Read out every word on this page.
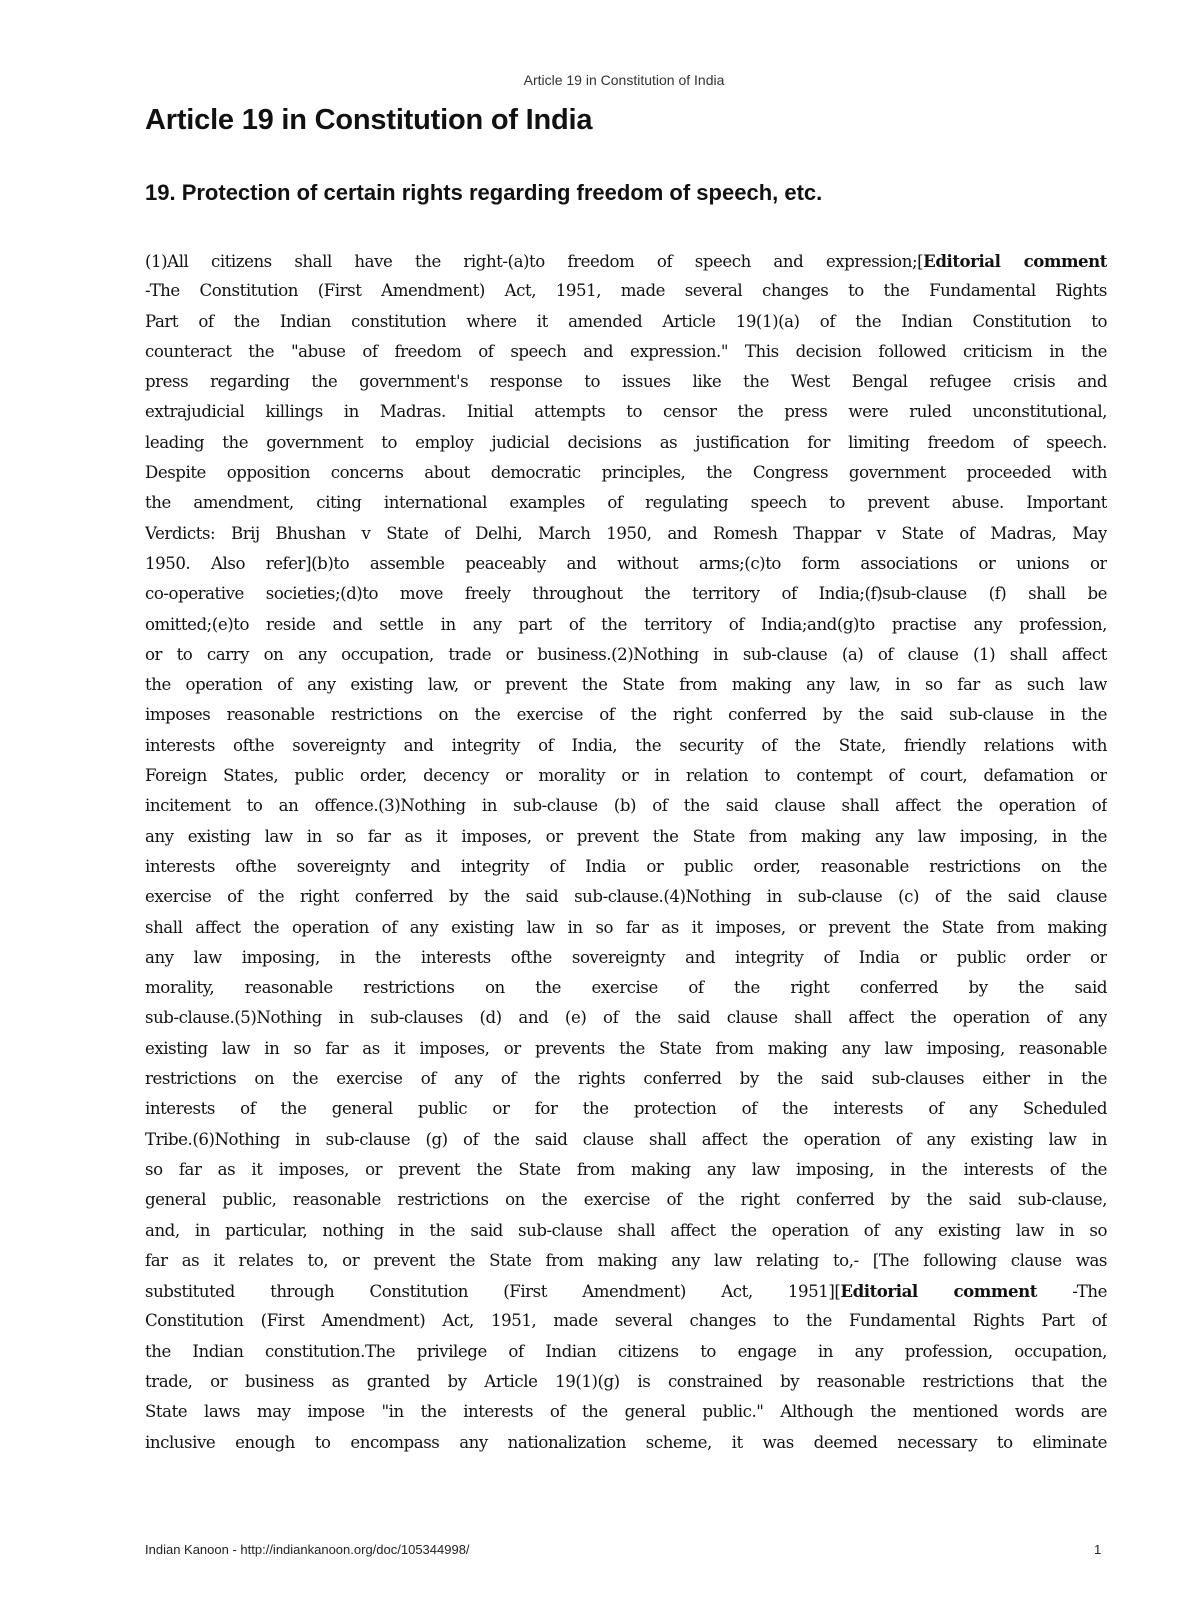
Article 19 in Constitution of India
Article 19 in Constitution of India
19. Protection of certain rights regarding freedom of speech, etc.
(1)All citizens shall have the right-(a)to freedom of speech and expression;[Editorial comment
-The Constitution (First Amendment) Act, 1951, made several changes to the Fundamental Rights
Part of the Indian constitution where it amended Article 19(1)(a) of the Indian Constitution to
counteract the "abuse of freedom of speech and expression." This decision followed criticism in the
press regarding the government's response to issues like the West Bengal refugee crisis and
extrajudicial killings in Madras. Initial attempts to censor the press were ruled unconstitutional,
leading the government to employ judicial decisions as justification for limiting freedom of speech.
Despite opposition concerns about democratic principles, the Congress government proceeded with
the amendment, citing international examples of regulating speech to prevent abuse. Important
Verdicts: Brij Bhushan v State of Delhi, March 1950, and Romesh Thappar v State of Madras, May
1950. Also refer](b)to assemble peaceably and without arms;(c)to form associations or unions or
co-operative societies;(d)to move freely throughout the territory of India;(f)sub-clause (f) shall be
omitted;(e)to reside and settle in any part of the territory of India;and(g)to practise any profession,
or to carry on any occupation, trade or business.(2)Nothing in sub-clause (a) of clause (1) shall affect
the operation of any existing law, or prevent the State from making any law, in so far as such law
imposes reasonable restrictions on the exercise of the right conferred by the said sub-clause in the
interests ofthe sovereignty and integrity of India, the security of the State, friendly relations with
Foreign States, public order, decency or morality or in relation to contempt of court, defamation or
incitement to an offence.(3)Nothing in sub-clause (b) of the said clause shall affect the operation of
any existing law in so far as it imposes, or prevent the State from making any law imposing, in the
interests ofthe sovereignty and integrity of India or public order, reasonable restrictions on the
exercise of the right conferred by the said sub-clause.(4)Nothing in sub-clause (c) of the said clause
shall affect the operation of any existing law in so far as it imposes, or prevent the State from making
any law imposing, in the interests ofthe sovereignty and integrity of India or public order or
morality, reasonable restrictions on the exercise of the right conferred by the said
sub-clause.(5)Nothing in sub-clauses (d) and (e) of the said clause shall affect the operation of any
existing law in so far as it imposes, or prevents the State from making any law imposing, reasonable
restrictions on the exercise of any of the rights conferred by the said sub-clauses either in the
interests of the general public or for the protection of the interests of any Scheduled
Tribe.(6)Nothing in sub-clause (g) of the said clause shall affect the operation of any existing law in
so far as it imposes, or prevent the State from making any law imposing, in the interests of the
general public, reasonable restrictions on the exercise of the right conferred by the said sub-clause,
and, in particular, nothing in the said sub-clause shall affect the operation of any existing law in so
far as it relates to, or prevent the State from making any law relating to,- [The following clause was
substituted through Constitution (First Amendment) Act, 1951][Editorial comment -The
Constitution (First Amendment) Act, 1951, made several changes to the Fundamental Rights Part of
the Indian constitution.The privilege of Indian citizens to engage in any profession, occupation,
trade, or business as granted by Article 19(1)(g) is constrained by reasonable restrictions that the
State laws may impose "in the interests of the general public." Although the mentioned words are
inclusive enough to encompass any nationalization scheme, it was deemed necessary to eliminate
Indian Kanoon - http://indiankanoon.org/doc/105344998/	1
